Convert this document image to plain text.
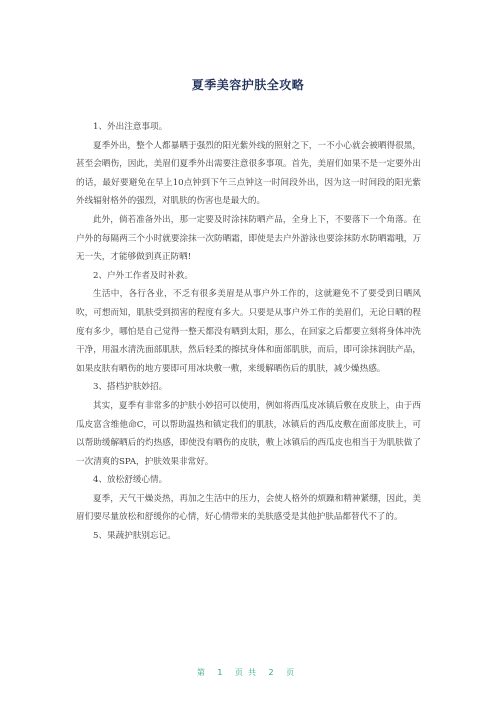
夏季美容护肤全攻略

1、外出注意事项。

夏季外出，整个人都暴晒于强烈的阳光紫外线的照射之下，一不小心就会被晒得很黑，甚至会晒伤，因此，美眉们夏季外出需要注意很多事项。首先，美眉们如果不是一定要外出的话，最好要避免在早上10点钟到下午三点钟这一时间段外出，因为这一时间段的阳光紫外线辐射格外的强烈，对肌肤的伤害也是最大的。

此外，倘若准备外出，那一定要及时涂抹防晒产品，全身上下，不要落下一个角落。在户外的每隔两三个小时就要涂抹一次防晒霜，即使是去户外游泳也要涂抹防水防晒霜哦，万无一失，才能够做到真正防晒!

2、户外工作者及时补救。

生活中，各行各业，不乏有很多美眉是从事户外工作的，这就避免不了要受到日晒风吹，可想而知，肌肤受到损害的程度有多大。只要是从事户外工作的美眉们，无论日晒的程度有多少，哪怕是自己觉得一整天都没有晒到太阳，那么，在回家之后都要立刻将身体冲洗干净，用温水清洗面部肌肤，然后轻柔的擦拭身体和面部肌肤，而后，即可涂抹润肤产品，如果皮肤有晒伤的地方要即可用冰块敷一敷，来缓解晒伤后的肌肤，减少燥热感。

3、搭档护肤妙招。

其实，夏季有非常多的护肤小妙招可以使用，例如将西瓜皮冰镇后敷在皮肤上，由于西瓜皮富含维他命C，可以帮助温热和镇定我们的肌肤，冰镇后的西瓜皮敷在面部皮肤上，可以帮助缓解晒后的灼热感，即使没有晒伤的皮肤，敷上冰镇后的西瓜皮也相当于为肌肤做了一次清爽的SPA，护肤效果非常好。

4、放松舒缓心情。

夏季，天气干燥炎热，再加之生活中的压力，会使人格外的烦躁和精神紧绷，因此，美眉们要尽量放松和舒缓你的心情，好心情带来的美肤感受是其他护肤品都替代不了的。

5、果蔬护肤别忘记。

第 1 页共 2 页
